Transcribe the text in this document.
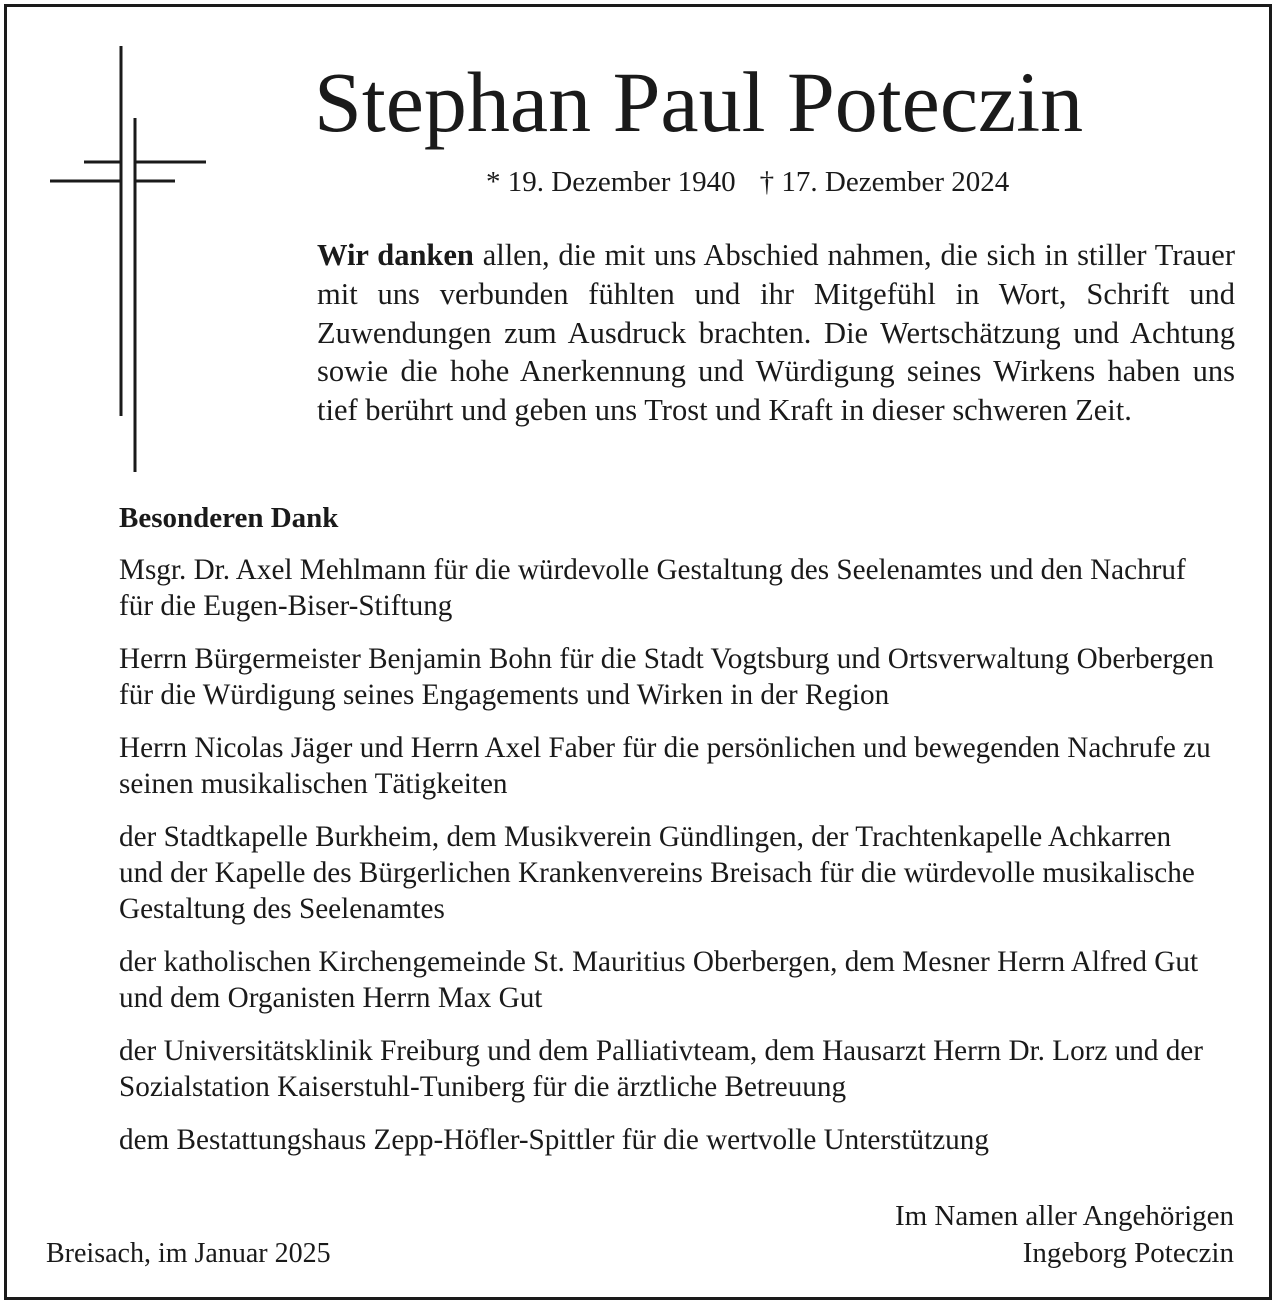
Stephan Paul Poteczin
* 19. Dezember 1940 † 17. Dezember 2024

Wir danken allen, die mit uns Abschied nahmen, die sich in stiller Trauer mit uns verbunden fühlten und ihr Mitgefühl in Wort, Schrift und Zuwendungen zum Ausdruck brachten. Die Wertschätzung und Achtung sowie die hohe Anerkennung und Würdigung seines Wirkens haben uns tief berührt und geben uns Trost und Kraft in dieser schweren Zeit.

Besonderen Dank

Msgr. Dr. Axel Mehlmann für die würdevolle Gestaltung des Seelenamtes und den Nachruf für die Eugen-Biser-Stiftung

Herrn Bürgermeister Benjamin Bohn für die Stadt Vogtsburg und Ortsverwaltung Oberbergen für die Würdigung seines Engagements und Wirken in der Region

Herrn Nicolas Jäger und Herrn Axel Faber für die persönlichen und bewegenden Nachrufe zu seinen musikalischen Tätigkeiten

der Stadtkapelle Burkheim, dem Musikverein Gündlingen, der Trachtenkapelle Achkarren und der Kapelle des Bürgerlichen Krankenvereins Breisach für die würdevolle musikalische Gestaltung des Seelenamtes

der katholischen Kirchengemeinde St. Mauritius Oberbergen, dem Mesner Herrn Alfred Gut und dem Organisten Herrn Max Gut

der Universitätsklinik Freiburg und dem Palliativteam, dem Hausarzt Herrn Dr. Lorz und der Sozialstation Kaiserstuhl-Tuniberg für die ärztliche Betreuung

dem Bestattungshaus Zepp-Höfler-Spittler für die wertvolle Unterstützung

Breisach, im Januar 2025
Im Namen aller Angehörigen
Ingeborg Poteczin
